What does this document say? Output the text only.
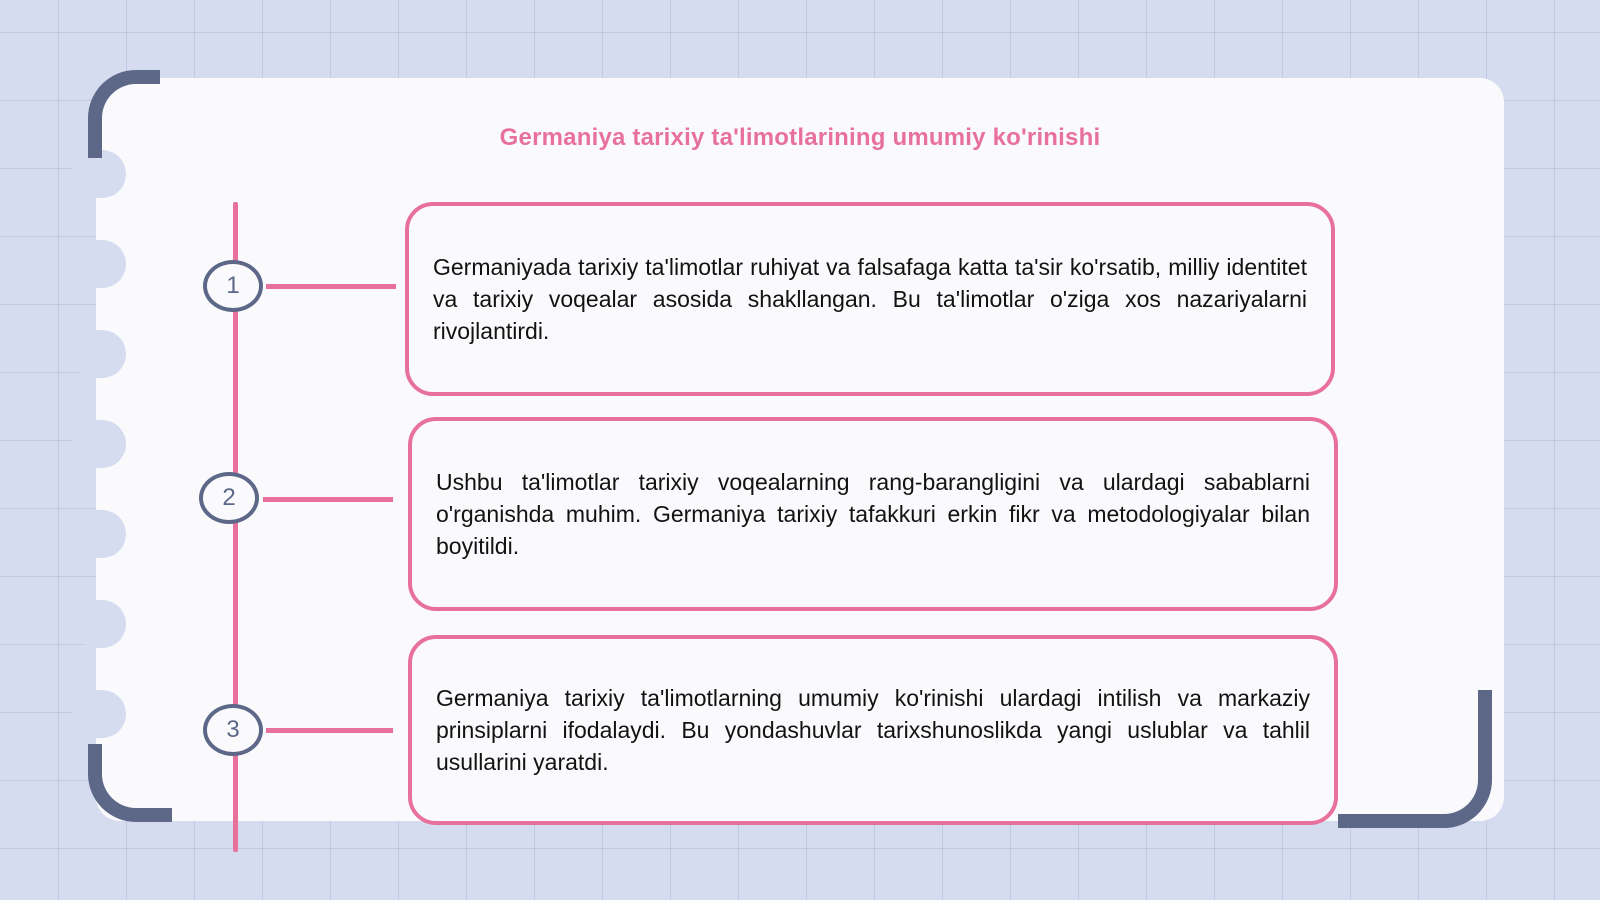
Germaniya tarixiy ta'limotlarining umumiy ko'rinishi
1

Germaniyada tarixiy ta'limotlar ruhiyat va falsafaga katta ta'sir ko'rsatib, milliy identitet va tarixiy voqealar asosida shakllangan. Bu ta'limotlar o'ziga xos nazariyalarni rivojlantirdi.

2

Ushbu ta'limotlar tarixiy voqealarning rang-barangligini va ulardagi sabablarni o'rganishda muhim. Germaniya tarixiy tafakkuri erkin fikr va metodologiyalar bilan boyitildi.

3

Germaniya tarixiy ta'limotlarning umumiy ko'rinishi ulardagi intilish va markaziy prinsiplarni ifodalaydi. Bu yondashuvlar tarixshunoslikda yangi uslublar va tahlil usullarini yaratdi.
